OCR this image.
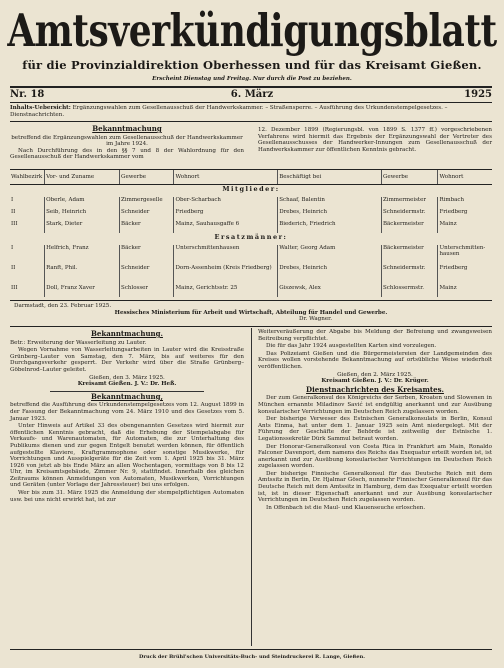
Amtsverkündigungsblatt
für die Provinzialdirektion Oberhessen und für das Kreisamt Gießen.
Erscheint Dienstag und Freitag. Nur durch die Post zu beziehen.
Nr. 18	6. März	1925
Inhalts-Uebersicht: Ergänzungswahlen zum Gesellenausschuß der Handwerkskammer. – Straßensperre. – Ausführung des Urkundenstempelgesetzes. – Dienstnachrichten.
Bekanntmachung
betreffend die Ergänzungswahlen zum Gesellenausschuß der Handwerkskammer im Jahre 1924.

Nach Durchführung des in den §§ 7 und 8 der Wahlordnung für den Gesellenausschuß der Handwerkskammer vom

12. Dezember 1899 (Regierungsbl. von 1899 S. 1377 ff.) vorgeschriebenen Verfahrens wird hiermit das Ergebnis der Ergänzungswahl der Vertreter des Gesellenausschusses der Handwerker-Innungen zum Gesellenausschuß der Handwerkskammer zur öffentlichen Kenntnis gebracht.

Wahlbezirk	Vor- und Zuname	Gewerbe	Wohnort	Beschäftigt bei	Gewerbe	Wohnort
Mitglieder:						
I	Oberle, Adam	Zimmergeselle	Ober-Scharbach	Schaaf, Balentin	Zimmermeister	Rimbach
II	Seib, Heinrich	Schneider	Friedberg	Drebes, Heinrich	Schneidermstr.	Friedberg
III	Stark, Dieter	Bäcker	Mainz, Sauhausgaffe 6	Biederich, Friedrich	Bäckermeister	Mainz
Ersatzmänner:						
I	Helfrich, Franz	Bäcker	Unterschmittenhausen	Walter, Georg Adam	Bäckermeister	Unterschmittenhausen
II	Ranft, Phil.	Schneider	Dorn-Assenheim (Kreis Friedberg)	Drebes, Heinrich	Schneidermstr.	Friedberg
III	Doll, Franz Xaver	Schlosser	Mainz, Gerichtsstr. 25	Giszewsk, Alex	Schlossermstr.	Mainz
Darmstadt, den 23. Februar 1925.
Hessisches Ministerium für Arbeit und Wirtschaft, Abteilung für Handel und Gewerbe.
Dr. Wagner.
Bekanntmachung.

Betr.: Erweiterung der Wasserleitung zu Lauter.

Wegen Vornahme von Wasserleitungsarbeiten in Lauter wird die Kreisstraße Grünberg–Lauter von Samstag, den 7. März, bis auf weiteres für den Durchgangsverkehr gesperrt. Der Verkehr wird über die Straße Grünberg–Göbelnrod–Lauter geleitet.

Gießen, den 3. März 1925.
Kreisamt Gießen. J. V.: Dr. Heß.
Bekanntmachung,

betreffend die Ausführung des Urkundenstempelgesetzes vom 12. August 1899 in der Fassung der Bekanntmachung vom 24. März 1910 und des Gesetzes vom 5. Januar 1923.

Unter Hinweis auf Artikel 33 des obengenannten Gesetzes wird hiermit zur öffentlichen Kenntnis gebracht, daß die Erhebung der Stempelabgabe für Verkaufs- und Warenautomaten, für Automaten, die zur Unterhaltung des Publikums dienen und zur gegen Entgelt benutzt werden können, für öffentlich aufgestellte Klaviere, Kraftgrammophone oder sonstige Musikwerke, für Vorrichtungen und Ausspielgeräte für die Zeit vom 1. April 1925 bis 31. März 1926 von jetzt ab bis Ende März an allen Wochentagen, vormittags von 8 bis 12 Uhr, im Kreisamtsgebäude, Zimmer Nr. 9, stattfindet. Innerhalb des gleichen Zeitraums können Anmeldungen von Automaten, Musikwerken, Vorrichtungen und Geräten (unter Vorlage der Jahressteuer) bei uns erfolgen.

Wer bis zum 31. März 1925 die Anmeldung der stempelpflichtigen Automaten usw. bei uns nicht erwirkt hat, ist zur

Weiterveräußerung der Abgabe bis Meldung der Befreiung und zwangsweisen Beitreibung verpflichtet.

Die für das Jahr 1924 ausgestellten Karten sind vorzulegen.

Das Polizeiamt Gießen und die Bürgermeistereien der Landgemeinden des Kreises wollen vorstehende Bekanntmachung auf ortsübliche Weise wiederholt veröffentlichen.

Gießen, den 2. März 1925.
Kreisamt Gießen. J. V.: Dr. Krüger.
Dienstnachrichten des Kreisamtes.

Der zum Generalkonsul des Königreichs der Serben, Kroaten und Slowenen in München ernannte Miladinov Savić ist endgültig anerkannt und zur Ausübung konsularischer Verrichtungen im Deutschen Reich zugelassen worden.

Der bisherige Verweser des Estnischen Generalkonsulats in Berlin, Konsul Ants Einma, hat unter dem 1. Januar 1925 sein Amt niedergelegt. Mit der Führung der Geschäfte der Behörde ist zeitweilig der Estnische 1. Legationssekretär Dürk Sammul betraut worden.

Der Honorar-Generalkonsul von Costa Rica in Frankfurt am Main, Ronaldo Falconer Davenport, dem namens des Reichs das Exequatur erteilt worden ist, ist anerkannt und zur Ausübung konsularischer Verrichtungen im Deutschen Reich zugelassen worden.

Der bisherige Finnische Generalkonsul für das Deutsche Reich mit dem Amtssitz in Berlin, Dr. Hjalmar Gösch, nunmehr Finnischer Generalkonsul für das Deutsche Reich mit dem Amtssitz in Hamburg, dem das Exequatur erteilt worden ist, ist in dieser Eigenschaft anerkannt und zur Ausübung konsularischer Verrichtungen im Deutschen Reich zugelassen worden.

In Offenbach ist die Maul- und Klauenseuche erloschen.

Druck der Brühl'schen Universitäts-Buch- und Steindruckerei R. Lange, Gießen.
